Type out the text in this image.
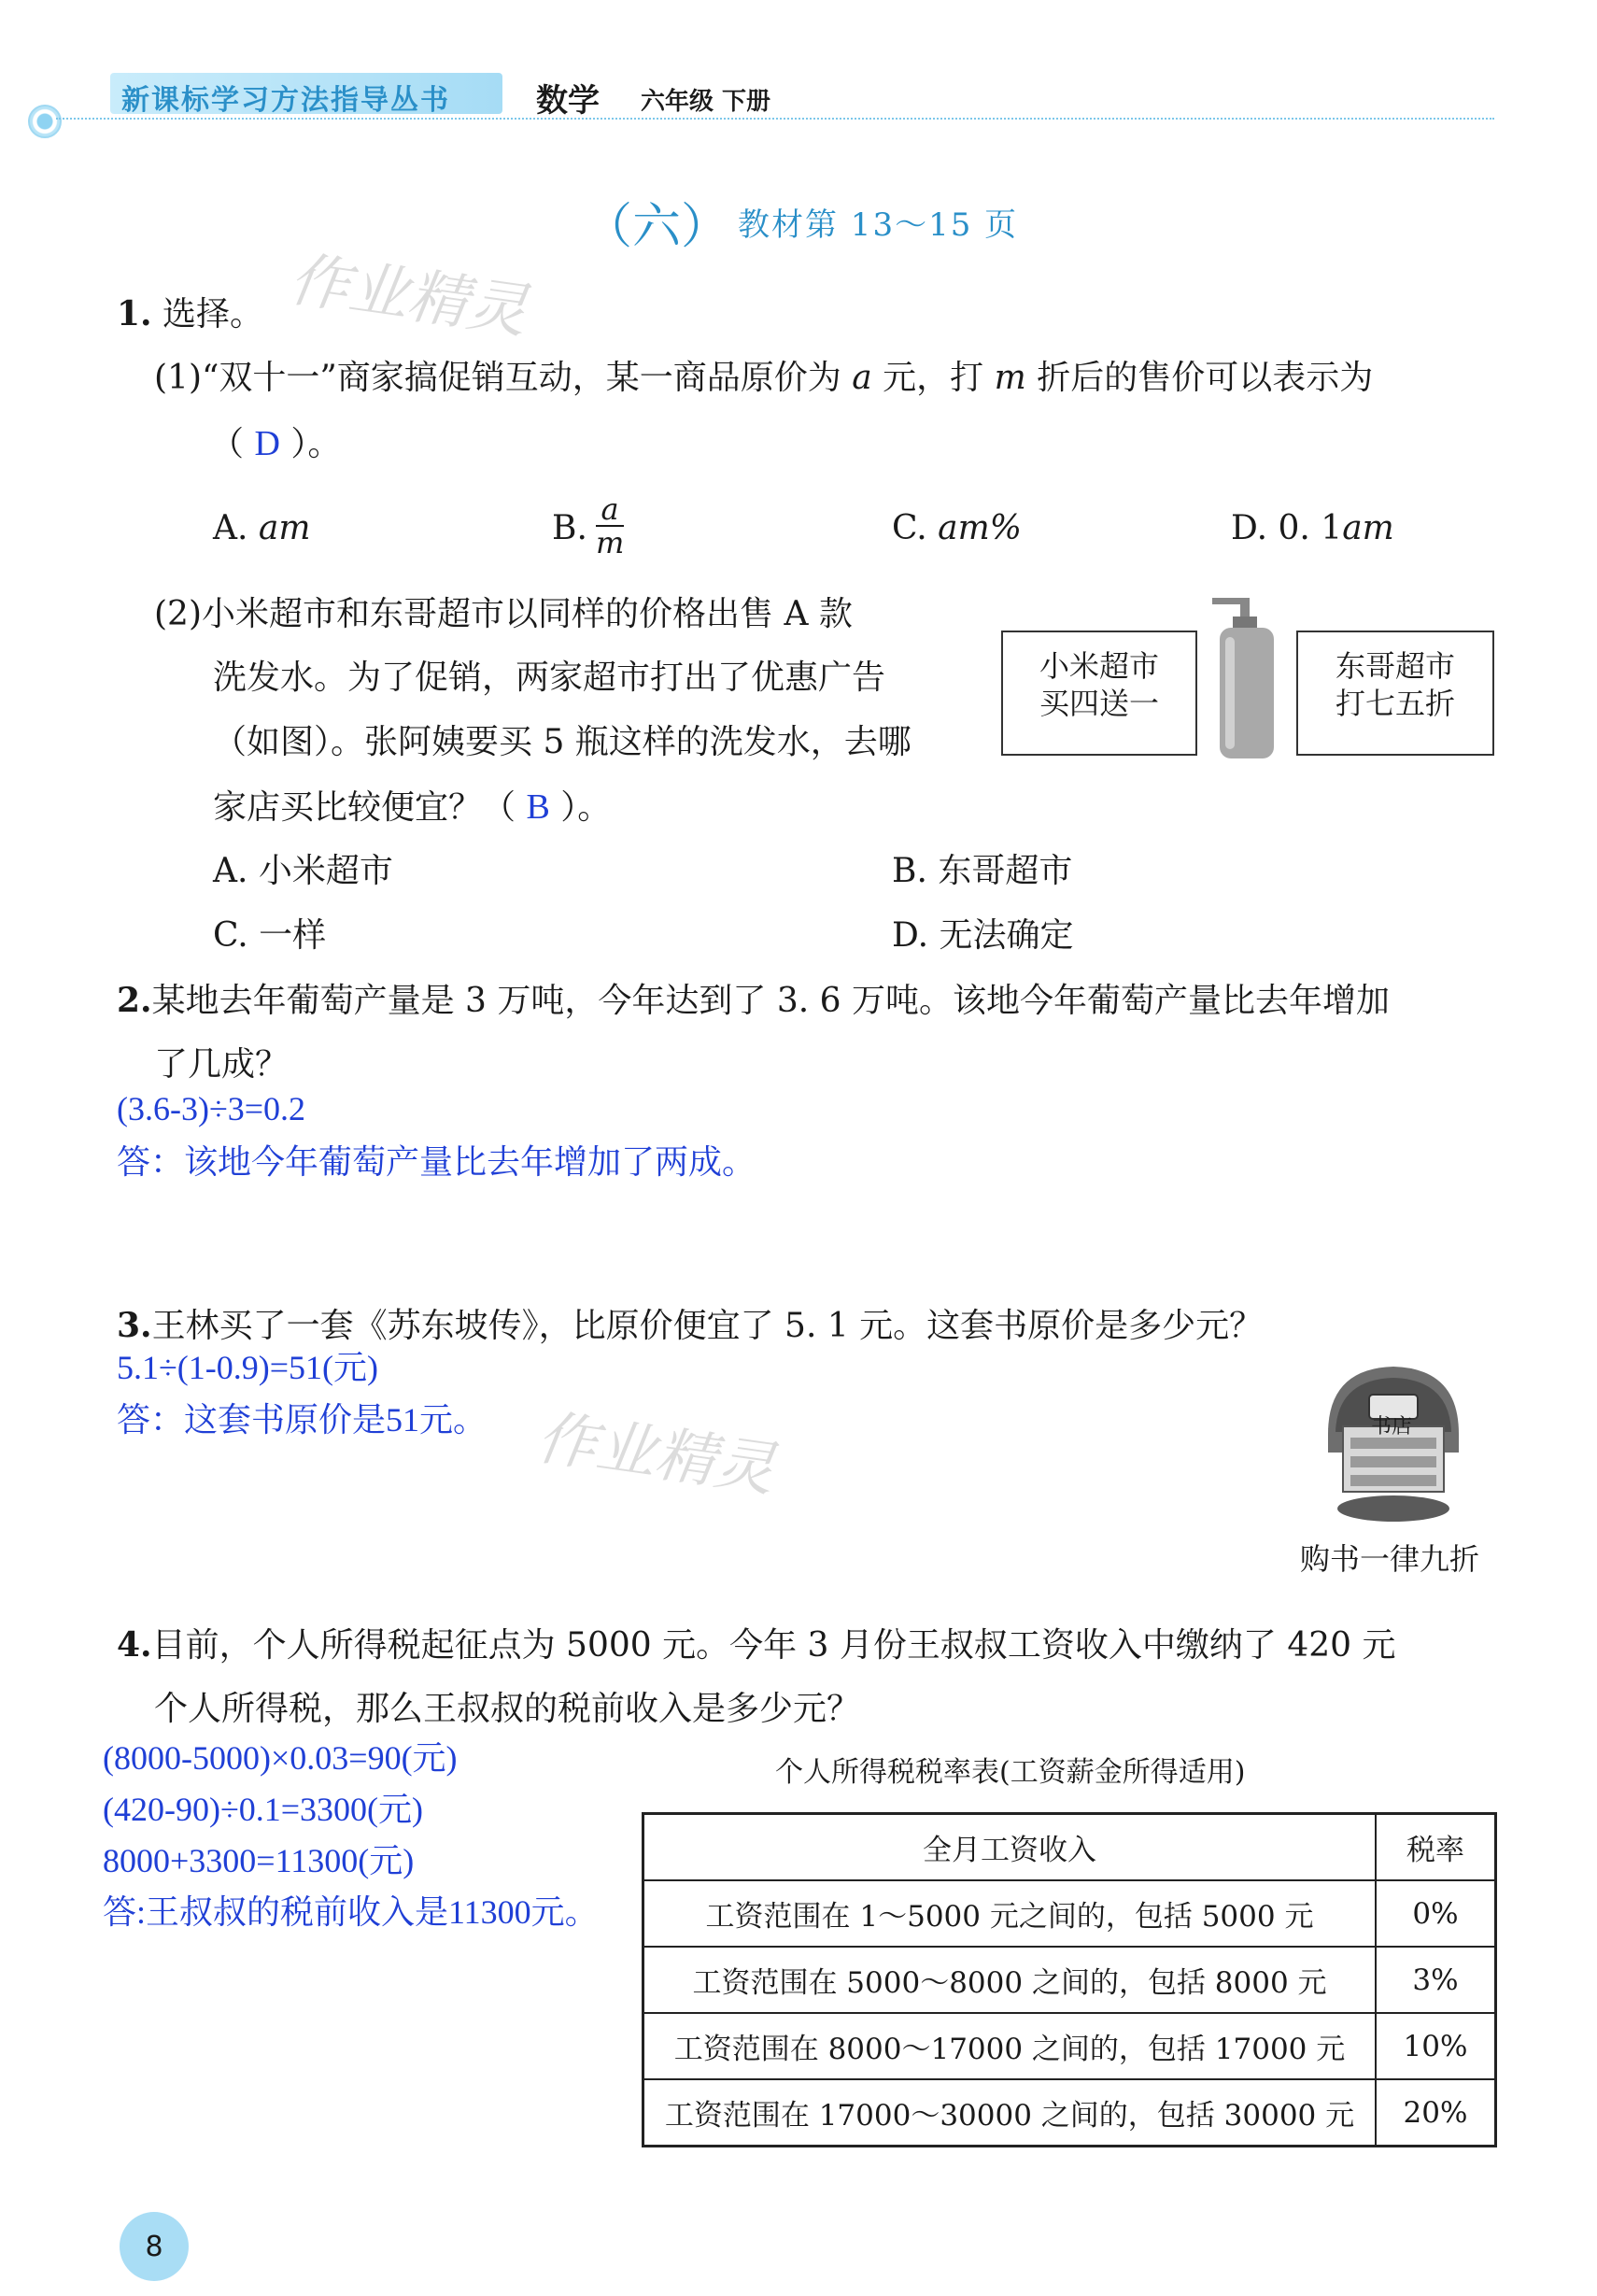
新课标学习方法指导丛书	数学 六年级 下册
（六） 教材第 13～15 页
作业精灵
作业精灵
1. 选择。
(1)“双十一”商家搞促销互动，某一商品原价为 a 元，打 m 折后的售价可以表示为
（ D ）。
A. am	B. $\frac{a}{m}$	C. am%	D. 0. 1am
(2)小米超市和东哥超市以同样的价格出售 A 款
洗发水。为了促销，两家超市打出了优惠广告
（如图）。张阿姨要买 5 瓶这样的洗发水，去哪
家店买比较便宜？（ B ）。
小米超市
买四送一
东哥超市
打七五折
A. 小米超市	B. 东哥超市
C. 一样	D. 无法确定
2.某地去年葡萄产量是 3 万吨，今年达到了 3. 6 万吨。该地今年葡萄产量比去年增加
了几成？
(3.6-3)÷3=0.2
答：该地今年葡萄产量比去年增加了两成。
3.王林买了一套《苏东坡传》，比原价便宜了 5. 1 元。这套书原价是多少元？
5.1÷(1-0.9)=51(元)
答：这套书原价是51元。	书店
购书一律九折
4.目前，个人所得税起征点为 5000 元。今年 3 月份王叔叔工资收入中缴纳了 420 元
个人所得税，那么王叔叔的税前收入是多少元？
(8000-5000)×0.03=90(元)
(420-90)÷0.1=3300(元)
8000+3300=11300(元)
答:王叔叔的税前收入是11300元。
个人所得税税率表(工资薪金所得适用)
全月工资收入	税率
工资范围在 1～5000 元之间的，包括 5000 元	0%
工资范围在 5000～8000 之间的，包括 8000 元	3%
工资范围在 8000～17000 之间的，包括 17000 元	10%
工资范围在 17000～30000 之间的，包括 30000 元	20%
8
